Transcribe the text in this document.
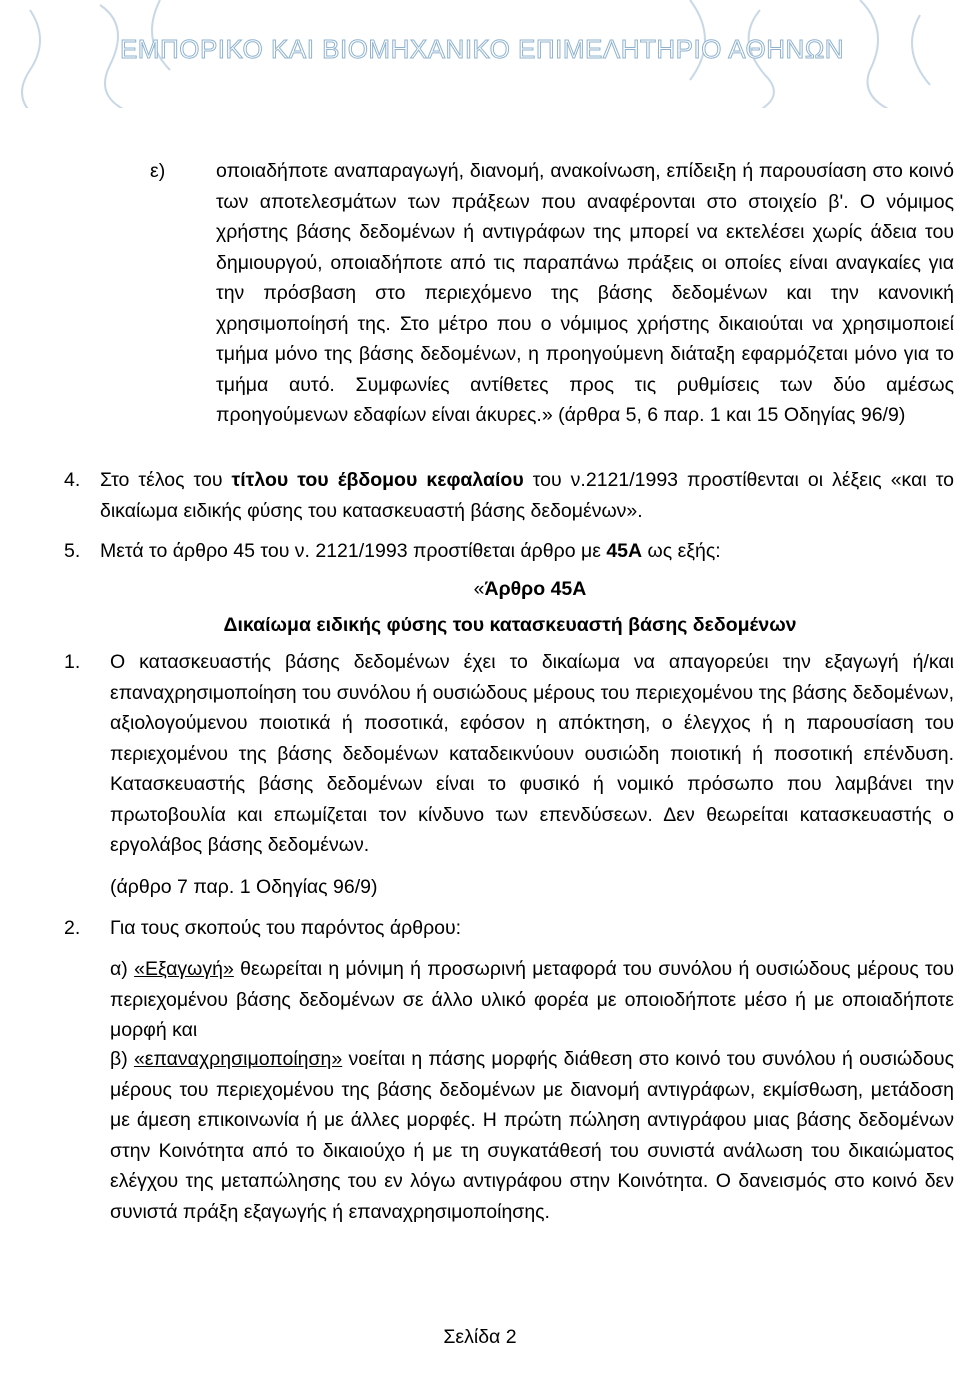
ΕΜΠΟΡΙΚΟ ΚΑΙ ΒΙΟΜΗΧΑΝΙΚΟ ΕΠΙΜΕΛΗΤΗΡΙΟ ΑΘΗΝΩΝ
ε)	οποιαδήποτε αναπαραγωγή, διανομή, ανακοίνωση, επίδειξη ή παρουσίαση στο κοινό των αποτελεσμάτων των πράξεων που αναφέρονται στο στοιχείο β'. Ο νόμιμος χρήστης βάσης δεδομένων ή αντιγράφων της μπορεί να εκτελέσει χωρίς άδεια του δημιουργού, οποιαδήποτε από τις παραπάνω πράξεις οι οποίες είναι αναγκαίες για την πρόσβαση στο περιεχόμενο της βάσης δεδομένων και την κανονική χρησιμοποίησή της. Στο μέτρο που ο νόμιμος χρήστης δικαιούται να χρησιμοποιεί τμήμα μόνο της βάσης δεδομένων, η προηγούμενη διάταξη εφαρμόζεται μόνο για το τμήμα αυτό. Συμφωνίες αντίθετες προς τις ρυθμίσεις των δύο αμέσως προηγούμενων εδαφίων είναι άκυρες.» (άρθρα 5, 6 παρ. 1 και 15 Οδηγίας 96/9)
4. Στο τέλος του τίτλου του έβδομου κεφαλαίου του ν.2121/1993 προστίθενται οι λέξεις «και το δικαίωμα ειδικής φύσης του κατασκευαστή βάσης δεδομένων».
5. Μετά το άρθρο 45 του ν. 2121/1993 προστίθεται άρθρο με 45Α ως εξής:
«Άρθρο 45Α
Δικαίωμα ειδικής φύσης του κατασκευαστή βάσης δεδομένων
1. Ο κατασκευαστής βάσης δεδομένων έχει το δικαίωμα να απαγορεύει την εξαγωγή ή/και επαναχρησιμοποίηση του συνόλου ή ουσιώδους μέρους του περιεχομένου της βάσης δεδομένων, αξιολογούμενου ποιοτικά ή ποσοτικά, εφόσον η απόκτηση, ο έλεγχος ή η παρουσίαση του περιεχομένου της βάσης δεδομένων καταδεικνύουν ουσιώδη ποιοτική ή ποσοτική επένδυση. Κατασκευαστής βάσης δεδομένων είναι το φυσικό ή νομικό πρόσωπο που λαμβάνει την πρωτοβουλία και επωμίζεται τον κίνδυνο των επενδύσεων. Δεν θεωρείται κατασκευαστής ο εργολάβος βάσης δεδομένων.
(άρθρο 7 παρ. 1 Οδηγίας 96/9)
2. Για τους σκοπούς του παρόντος άρθρου:
α) «Εξαγωγή» θεωρείται η μόνιμη ή προσωρινή μεταφορά του συνόλου ή ουσιώδους μέρους του περιεχομένου βάσης δεδομένων σε άλλο υλικό φορέα με οποιοδήποτε μέσο ή με οποιαδήποτε μορφή και
β) «επαναχρησιμοποίηση» νοείται η πάσης μορφής διάθεση στο κοινό του συνόλου ή ουσιώδους μέρους του περιεχομένου της βάσης δεδομένων με διανομή αντιγράφων, εκμίσθωση, μετάδοση με άμεση επικοινωνία ή με άλλες μορφές. Η πρώτη πώληση αντιγράφου μιας βάσης δεδομένων στην Κοινότητα από το δικαιούχο ή με τη συγκατάθεσή του συνιστά ανάλωση του δικαιώματος ελέγχου της μεταπώλησης του εν λόγω αντιγράφου στην Κοινότητα. Ο δανεισμός στο κοινό δεν συνιστά πράξη εξαγωγής ή επαναχρησιμοποίησης.
Σελίδα 2
